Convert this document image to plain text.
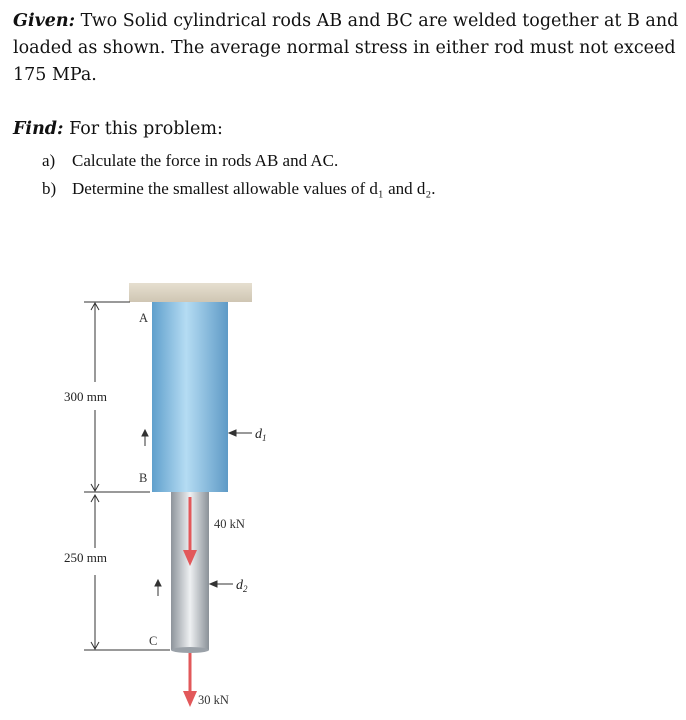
Given: Two Solid cylindrical rods AB and BC are welded together at B and loaded as shown. The average normal stress in either rod must not exceed 175 MPa.
Find: For this problem:
a) Calculate the force in rods AB and AC.
b) Determine the smallest allowable values of d₁ and d₂.
300 mm
250 mm
A
B
C
$d_1$
$d_2$
40 kN
30 kN
